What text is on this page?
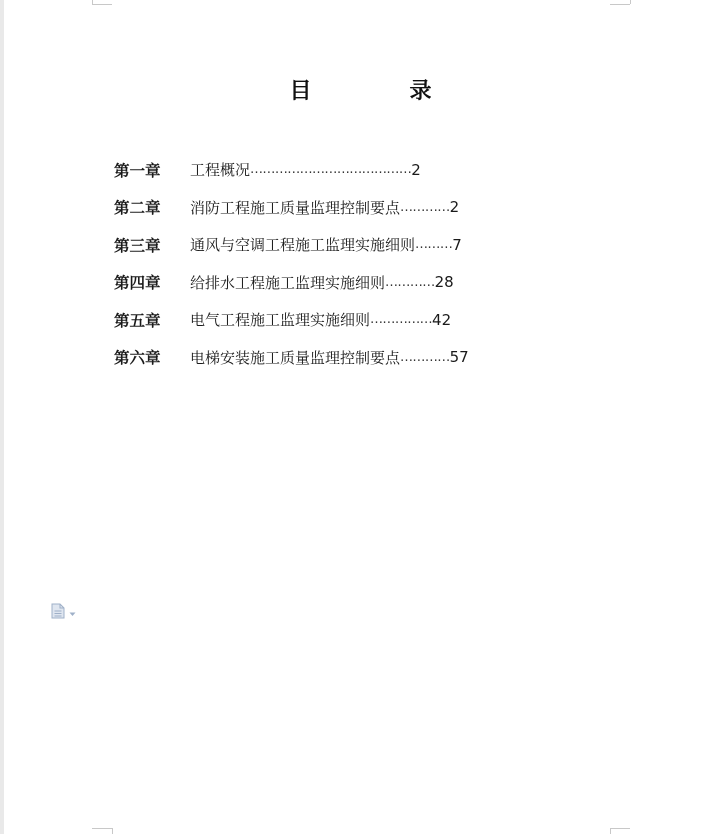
目　录
第一章	工程概况 ………………………………… 2
第二章	消防工程施工质量监理控制要点 ………… 2
第三章	通风与空调工程施工监理实施细则 ……… 7
第四章	给排水工程施工监理实施细则 ………… 28
第五章	电气工程施工监理实施细则 …………… 42
第六章	电梯安装施工质量监理控制要点 ………… 57
